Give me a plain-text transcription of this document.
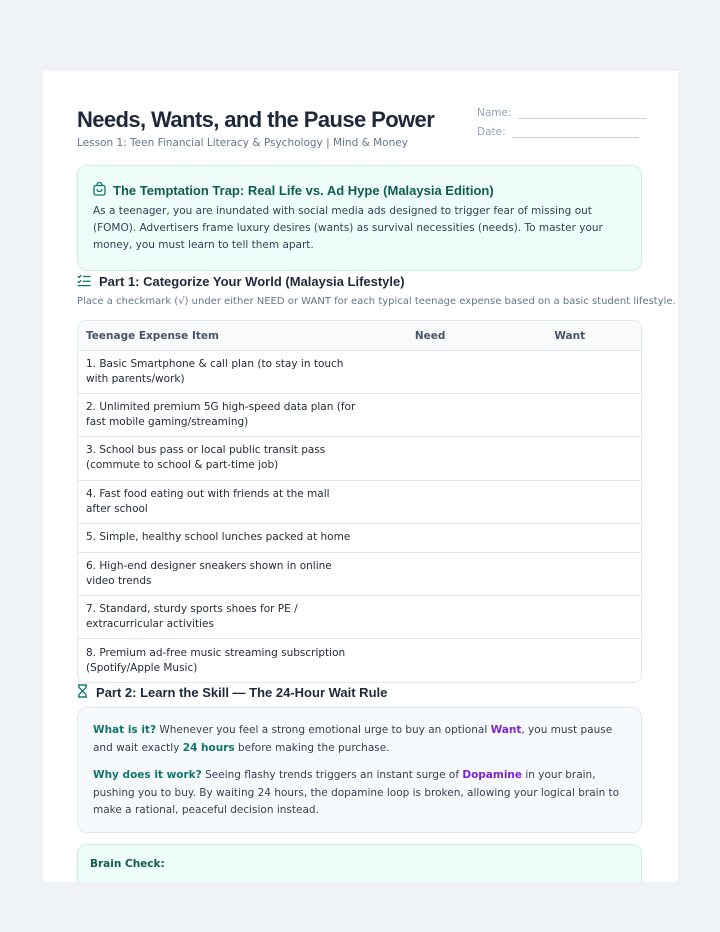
Needs, Wants, and the Pause Power
Lesson 1: Teen Financial Literacy & Psychology | Mind & Money
Name:
Date:
The Temptation Trap: Real Life vs. Ad Hype (Malaysia Edition)
As a teenager, you are inundated with social media ads designed to trigger fear of missing out (FOMO). Advertisers frame luxury desires (wants) as survival necessities (needs). To master your money, you must learn to tell them apart.
Part 1: Categorize Your World (Malaysia Lifestyle)
Place a checkmark (√) under either NEED or WANT for each typical teenage expense based on a basic student lifestyle.
Teenage Expense Item	Need	Want
1. Basic Smartphone & call plan (to stay in touch with parents/work)
2. Unlimited premium 5G high-speed data plan (for fast mobile gaming/streaming)
3. School bus pass or local public transit pass (commute to school & part-time job)
4. Fast food eating out with friends at the mall after school
5. Simple, healthy school lunches packed at home
6. High-end designer sneakers shown in online video trends
7. Standard, sturdy sports shoes for PE / extracurricular activities
8. Premium ad-free music streaming subscription (Spotify/Apple Music)
Part 2: Learn the Skill — The 24-Hour Wait Rule

What is it? Whenever you feel a strong emotional urge to buy an optional Want, you must pause and wait exactly 24 hours before making the purchase.

Why does it work? Seeing flashy trends triggers an instant surge of Dopamine in your brain, pushing you to buy. By waiting 24 hours, the dopamine loop is broken, allowing your logical brain to make a rational, peaceful decision instead.

Brain Check:
